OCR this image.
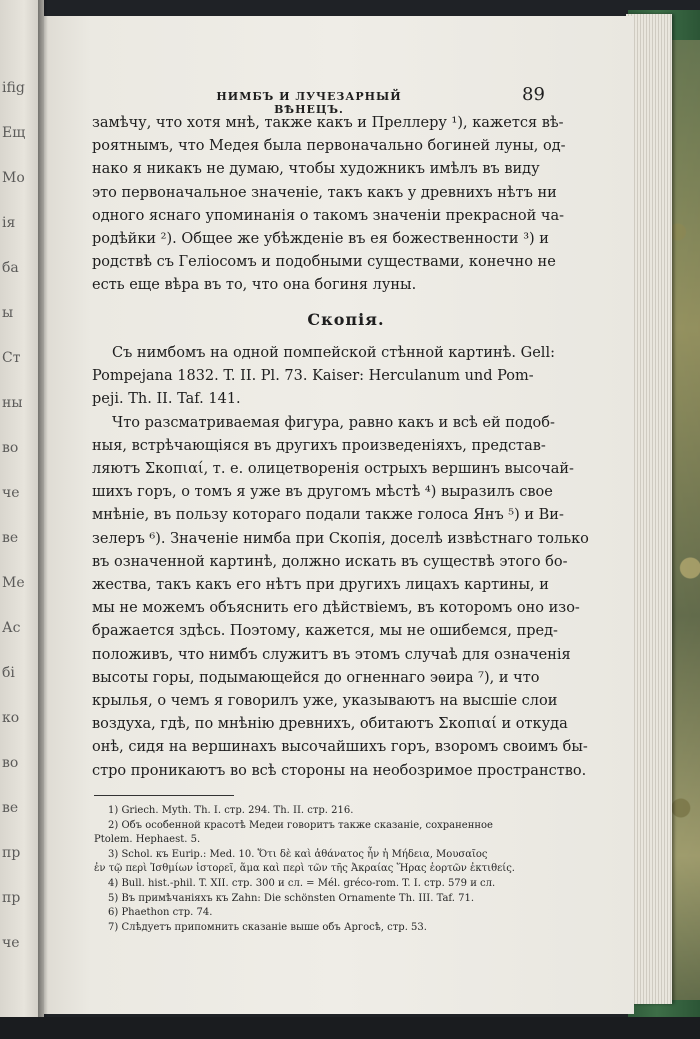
ifig
Ещ
Мо
ія
ба
ы
Ст
ны
во
че
ве
Ме
Ас
бі
ко
во
ве
пр
пр
че
НИМБЪ И ЛУЧЕЗАРНЫЙ ВѢНЕЦЪ.
89
замѣчу, что хотя мнѣ, также какъ и Преллеру ¹), кажется вѣ-
роятнымъ, что Медея была первоначально богиней луны, од-
нако я никакъ не думаю, чтобы художникъ имѣлъ въ виду
это первоначальное значеніе, такъ какъ у древнихъ нѣтъ ни
одного яснаго упоминанія о такомъ значеніи прекрасной ча-
родѣйки ²). Общее же убѣжденіе въ ея божественности ³) и
родствѣ съ Геліосомъ и подобными существами, конечно не
есть еще вѣра въ то, что она богиня луны.
Скопія.
Съ нимбомъ на одной помпейской стѣнной картинѣ. Gell:
Pompejana 1832. T. II. Pl. 73. Kaiser: Herculanum und Pom-
peji. Th. II. Taf. 141.
Что разсматриваемая фигура, равно какъ и всѣ ей подоб-
ныя, встрѣчающіяся въ другихъ произведеніяхъ, представ-
ляютъ Σκοπιαί, т. е. олицетворенія острыхъ вершинъ высочай-
шихъ горъ, о томъ я уже въ другомъ мѣстѣ ⁴) выразилъ свое
мнѣніе, въ пользу котораго подали также голоса Янъ ⁵) и Ви-
зелеръ ⁶). Значеніе нимба при Скопія, доселѣ извѣстнаго только
въ означенной картинѣ, должно искать въ существѣ этого бо-
жества, такъ какъ его нѣтъ при другихъ лицахъ картины, и
мы не можемъ объяснить его дѣйствіемъ, въ которомъ оно изо-
бражается здѣсь. Поэтому, кажется, мы не ошибемся, пред-
положивъ, что нимбъ служитъ въ этомъ случаѣ для означенія
высоты горы, подымающейся до огненнаго эѳира ⁷), и что
крылья, о чемъ я говорилъ уже, указываютъ на высшіе слои
воздуха, гдѣ, по мнѣнію древнихъ, обитаютъ Σκοπιαί и откуда
онѣ, сидя на вершинахъ высочайшихъ горъ, взоромъ своимъ бы-
стро проникаютъ во всѣ стороны на необозримое пространство.
1) Griech. Myth. Th. I. стр. 294. Th. II. стр. 216.
2) Объ особенной красотѣ Медеи говоритъ также сказаніе, сохраненное
Ptolem. Hephaest. 5.
3) Schol. къ Eurip.: Med. 10. Ὅτι δὲ καὶ ἀθάνατος ἦν ἡ Μήδεια, Μουσαῖος
ἐν τῷ περὶ Ἰσθμίων ἱστορεῖ, ἅμα καὶ περὶ τῶν τῆς Ἀκραίας Ἥρας ἑορτῶν ἐκτιθείς.
4) Bull. hist.-phil. T. XII. стр. 300 и сл. = Mél. gréco-rom. T. I. стр. 579 и сл.
5) Въ примѣчаніяхъ къ Zahn: Die schönsten Ornamente Th. III. Taf. 71.
6) Phaethon стр. 74.
7) Слѣдуетъ припомнить сказаніе выше объ Аргосѣ, стр. 53.
